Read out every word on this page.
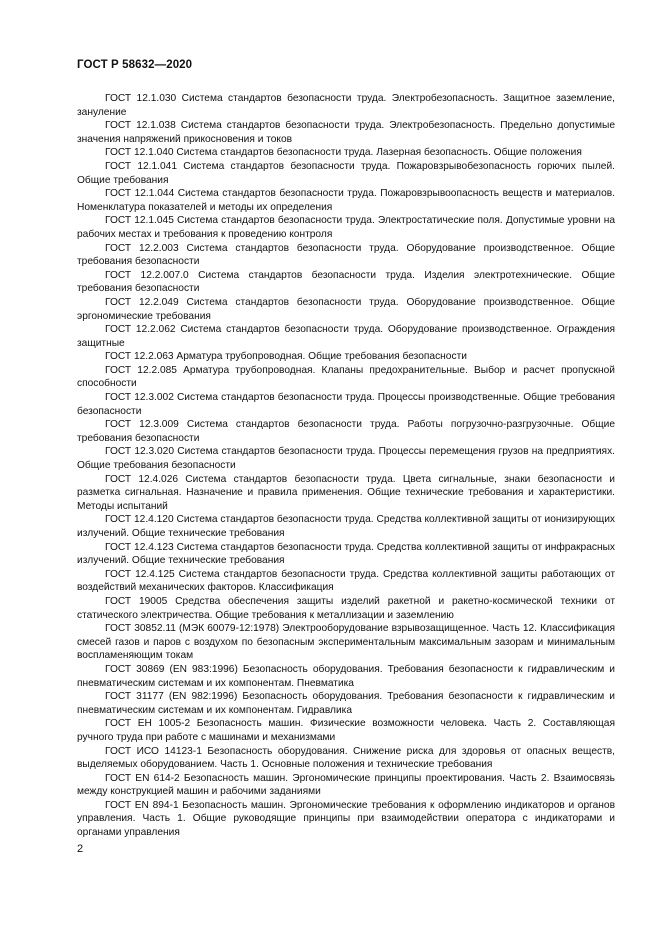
ГОСТ Р 58632—2020

ГОСТ 12.1.030 Система стандартов безопасности труда. Электробезопасность. Защитное заземление, зануление

ГОСТ 12.1.038 Система стандартов безопасности труда. Электробезопасность. Предельно допустимые значения напряжений прикосновения и токов

ГОСТ 12.1.040 Система стандартов безопасности труда. Лазерная безопасность. Общие положения

ГОСТ 12.1.041 Система стандартов безопасности труда. Пожаровзрывобезопасность горючих пылей. Общие требования

ГОСТ 12.1.044 Система стандартов безопасности труда. Пожаровзрывоопасность веществ и материалов. Номенклатура показателей и методы их определения

ГОСТ 12.1.045 Система стандартов безопасности труда. Электростатические поля. Допустимые уровни на рабочих местах и требования к проведению контроля

ГОСТ 12.2.003 Система стандартов безопасности труда. Оборудование производственное. Общие требования безопасности

ГОСТ 12.2.007.0 Система стандартов безопасности труда. Изделия электротехнические. Общие требования безопасности

ГОСТ 12.2.049 Система стандартов безопасности труда. Оборудование производственное. Общие эргономические требования

ГОСТ 12.2.062 Система стандартов безопасности труда. Оборудование производственное. Ограждения защитные

ГОСТ 12.2.063 Арматура трубопроводная. Общие требования безопасности

ГОСТ 12.2.085 Арматура трубопроводная. Клапаны предохранительные. Выбор и расчет пропускной способности

ГОСТ 12.3.002 Система стандартов безопасности труда. Процессы производственные. Общие требования безопасности

ГОСТ 12.3.009 Система стандартов безопасности труда. Работы погрузочно-разгрузочные. Общие требования безопасности

ГОСТ 12.3.020 Система стандартов безопасности труда. Процессы перемещения грузов на предприятиях. Общие требования безопасности

ГОСТ 12.4.026 Система стандартов безопасности труда. Цвета сигнальные, знаки безопасности и разметка сигнальная. Назначение и правила применения. Общие технические требования и характеристики. Методы испытаний

ГОСТ 12.4.120 Система стандартов безопасности труда. Средства коллективной защиты от ионизирующих излучений. Общие технические требования

ГОСТ 12.4.123 Система стандартов безопасности труда. Средства коллективной защиты от инфракрасных излучений. Общие технические требования

ГОСТ 12.4.125 Система стандартов безопасности труда. Средства коллективной защиты работающих от воздействий механических факторов. Классификация

ГОСТ 19005 Средства обеспечения защиты изделий ракетной и ракетно-космической техники от статического электричества. Общие требования к металлизации и заземлению

ГОСТ 30852.11 (МЭК 60079-12:1978) Электрооборудование взрывозащищенное. Часть 12. Классификация смесей газов и паров с воздухом по безопасным экспериментальным максимальным зазорам и минимальным воспламеняющим токам

ГОСТ 30869 (EN 983:1996) Безопасность оборудования. Требования безопасности к гидравлическим и пневматическим системам и их компонентам. Пневматика

ГОСТ 31177 (EN 982:1996) Безопасность оборудования. Требования безопасности к гидравлическим и пневматическим системам и их компонентам. Гидравлика

ГОСТ ЕН 1005-2 Безопасность машин. Физические возможности человека. Часть 2. Составляющая ручного труда при работе с машинами и механизмами

ГОСТ ИСО 14123-1 Безопасность оборудования. Снижение риска для здоровья от опасных веществ, выделяемых оборудованием. Часть 1. Основные положения и технические требования

ГОСТ EN 614-2 Безопасность машин. Эргономические принципы проектирования. Часть 2. Взаимосвязь между конструкцией машин и рабочими заданиями

ГОСТ EN 894-1 Безопасность машин. Эргономические требования к оформлению индикаторов и органов управления. Часть 1. Общие руководящие принципы при взаимодействии оператора с индикаторами и органами управления

2
